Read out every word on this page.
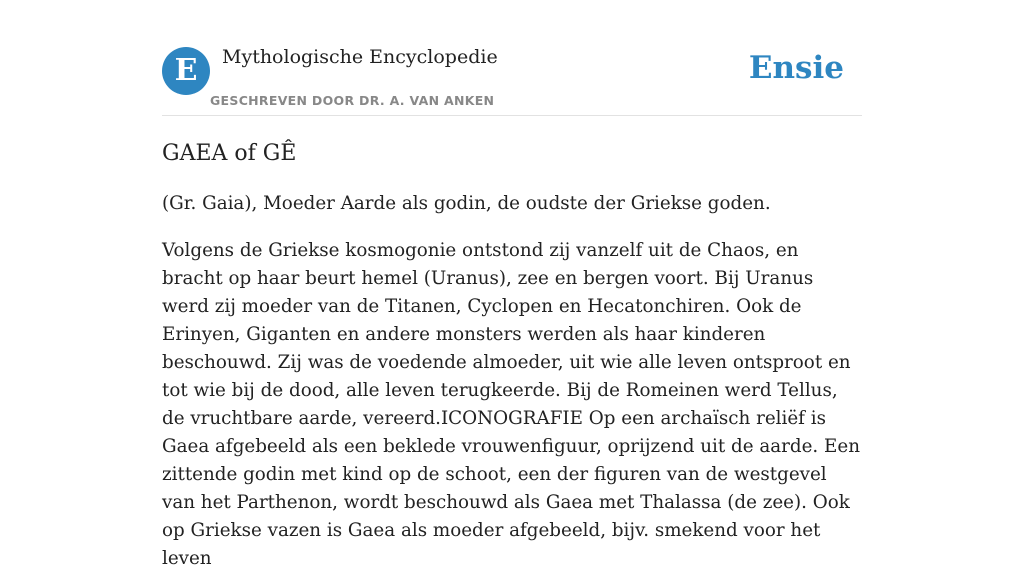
E	Mythologische Encyclopedie
GESCHREVEN DOOR DR. A. VAN ANKEN
Ensie
GAEA of GÊ

(Gr. Gaia), Moeder Aarde als godin, de oudste der Griekse goden.

Volgens de Griekse kosmogonie ontstond zij vanzelf uit de Chaos, en bracht op haar beurt hemel (Uranus), zee en bergen voort. Bij Uranus werd zij moeder van de Titanen, Cyclopen en Hecatonchiren. Ook de Erinyen, Giganten en andere monsters werden als haar kinderen beschouwd. Zij was de voedende almoeder, uit wie alle leven ontsproot en tot wie bij de dood, alle leven terugkeerde. Bij de Romeinen werd Tellus, de vruchtbare aarde, vereerd.ICONOGRAFIE Op een archaïsch reliëf is Gaea afgebeeld als een beklede vrouwenfiguur, oprijzend uit de aarde. Een zittende godin met kind op de schoot, een der figuren van de westgevel van het Parthenon, wordt beschouwd als Gaea met Thalassa (de zee). Ook op Griekse vazen is Gaea als moeder afgebeeld, bijv. smekend voor het leven
